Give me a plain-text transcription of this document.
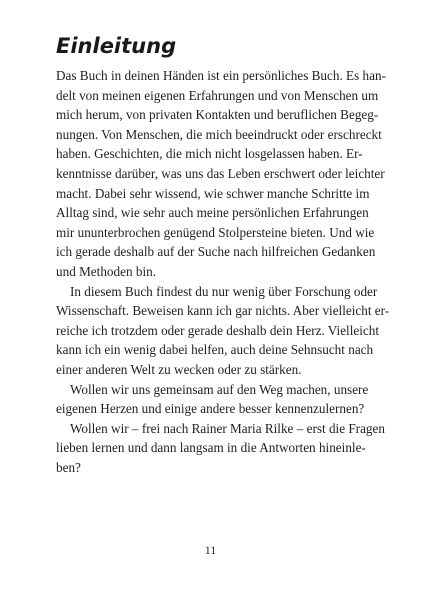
Einleitung
Das Buch in deinen Händen ist ein persönliches Buch. Es han-
delt von meinen eigenen Erfahrungen und von Menschen um
mich herum, von privaten Kontakten und beruflichen Begeg-
nungen. Von Menschen, die mich beeindruckt oder erschreckt
haben. Geschichten, die mich nicht losgelassen haben. Er-
kenntnisse darüber, was uns das Leben erschwert oder leichter
macht. Dabei sehr wissend, wie schwer manche Schritte im
Alltag sind, wie sehr auch meine persönlichen Erfahrungen
mir ununterbrochen genügend Stolpersteine bieten. Und wie
ich gerade deshalb auf der Suche nach hilfreichen Gedanken
und Methoden bin.
In diesem Buch findest du nur wenig über Forschung oder
Wissenschaft. Beweisen kann ich gar nichts. Aber vielleicht er-
reiche ich trotzdem oder gerade deshalb dein Herz. Vielleicht
kann ich ein wenig dabei helfen, auch deine Sehnsucht nach
einer anderen Welt zu wecken oder zu stärken.
Wollen wir uns gemeinsam auf den Weg machen, unsere
eigenen Herzen und einige andere besser kennenzulernen?
Wollen wir – frei nach Rainer Maria Rilke – erst die Fragen
lieben lernen und dann langsam in die Antworten hineinle-
ben?
11
